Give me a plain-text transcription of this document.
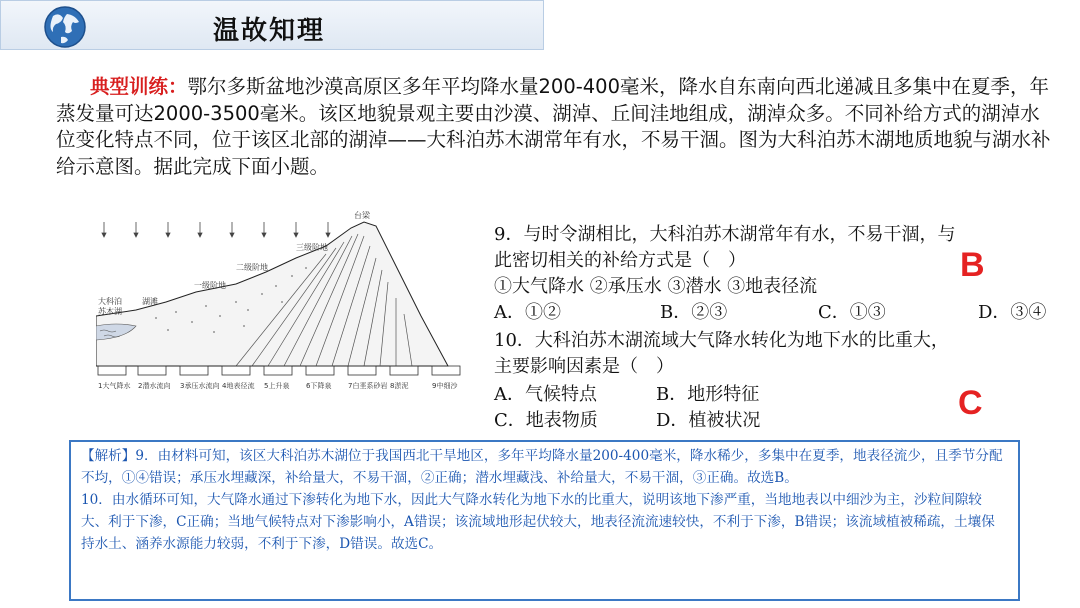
温故知理
典型训练：鄂尔多斯盆地沙漠高原区多年平均降水量200-400毫米，降水自东南向西北递减且多集中在夏季，年蒸发量可达2000-3500毫米。该区地貌景观主要由沙漠、湖淖、丘间洼地组成，湖淖众多。不同补给方式的湖淖水位变化特点不同，位于该区北部的湖淖——大科泊苏木湖常年有水，不易干涸。图为大科泊苏木湖地质地貌与湖水补给示意图。据此完成下面小题。
台梁
三级阶地
二级阶地
一级阶地
大科泊
苏木湖
湖滩
1大气降水 2潜水流向 3承压水流向 4地表径流 5上升泉 6下降泉 7白垩系砂岩 8淤泥	9中细沙
9．与时令湖相比，大科泊苏木湖常年有水，不易干涸，与
此密切相关的补给方式是（　）
①大气降水 ②承压水 ③潜水 ③地表径流
A．①②	B．②③	C．①③	D．③④
B
10．大科泊苏木湖流域大气降水转化为地下水的比重大，
主要影响因素是（　）
A．气候特点	B．地形特征
C．地表物质	D．植被状况	C

【解析】9．由材料可知，该区大科泊苏木湖位于我国西北干旱地区，多年平均降水量200-400毫米，降水稀少，多集中在夏季，地表径流少，且季节分配不均，①④错误；承压水埋藏深，补给量大，不易干涸，②正确；潜水埋藏浅、补给量大，不易干涸，③正确。故选B。

10．由水循环可知，大气降水通过下渗转化为地下水，因此大气降水转化为地下水的比重大，说明该地下渗严重，当地地表以中细沙为主，沙粒间隙较大、利于下渗，C正确；当地气候特点对下渗影响小，A错误；该流域地形起伏较大，地表径流流速较快，不利于下渗，B错误；该流域植被稀疏，土壤保持水土、涵养水源能力较弱，不利于下渗，D错误。故选C。
